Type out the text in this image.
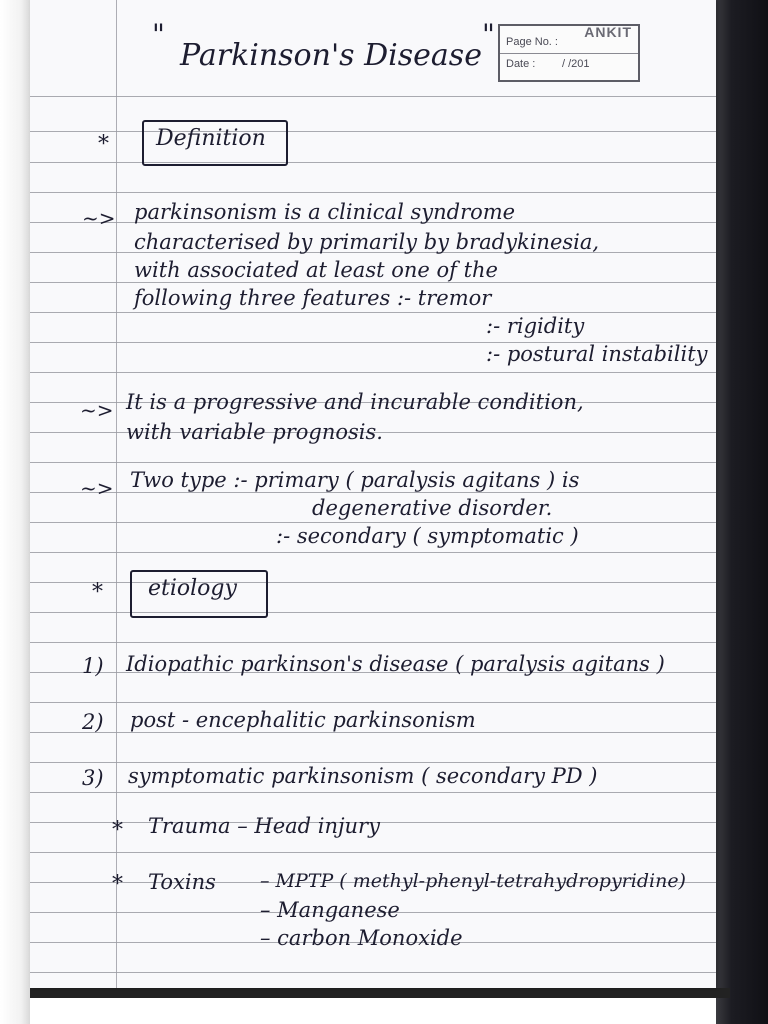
"
Parkinson's Disease
"	ANKIT
Page No. :
Date : / /201
* Definition
~> parkinsonism is a clinical syndrome
characterised by primarily by bradykinesia,
with associated at least one of the
following three features :- tremor
:- rigidity
:- postural instability
~> It is a progressive and incurable condition,
with variable prognosis.
~> Two type :- primary ( paralysis agitans ) is
degenerative disorder.
:- secondary ( symptomatic )
* etiology
1) Idiopathic parkinson's disease ( paralysis agitans )
2) post - encephalitic parkinsonism
3) symptomatic parkinsonism ( secondary PD )
* Trauma – Head injury
* Toxins – MPTP ( methyl-phenyl-tetrahydropyridine)
– Manganese
– carbon Monoxide
